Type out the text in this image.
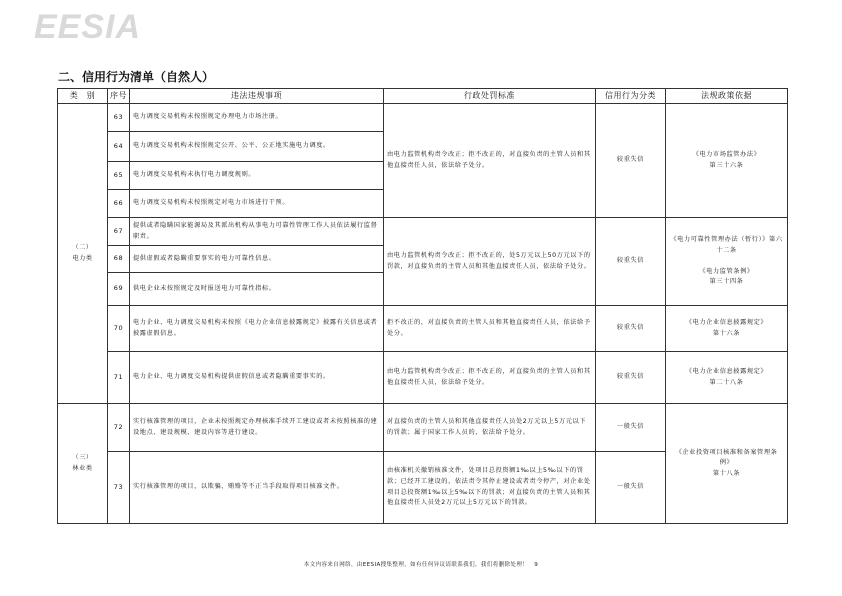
EESIA
二、信用行为清单（自然人）
类　别	序号	违法违规事项	行政处罚标准	信用行为分类	法规政策依据
（二）
电力类	63	电力调度交易机构未按照规定办理电力市场注册。	由电力监管机构责令改正；拒不改正的，对直接负责的主管人员和其他直接责任人员，依法给予处分。	较重失信	《电力市场监管办法》
第三十六条
	64	电力调度交易机构未按照规定公开、公平、公正地实施电力调度。			
	65	电力调度交易机构未执行电力调度规则。			
	66	电力调度交易机构未按照规定对电力市场进行干预。			
	67	提供或者隐瞒国家能源局及其派出机构从事电力可靠性管理工作人员依法履行监督职责。	由电力监管机构责令改正；拒不改正的，处5万元以上50万元以下的罚款，对直接负责的主管人员和其他直接责任人员，依法给予处分。	较重失信	《电力可靠性管理办法（暂行）》第六十二条

《电力监管条例》
第三十四条
	68	提供虚假或者隐瞒重要事实的电力可靠性信息。			
	69	供电企业未按照规定及时报送电力可靠性指标。			
	70	电力企业、电力调度交易机构未按照《电力企业信息披露规定》披露有关信息或者披露虚假信息。	拒不改正的，对直接负责的主管人员和其他直接责任人员，依法给予处分。	较重失信	《电力企业信息披露规定》
第十六条
	71	电力企业、电力调度交易机构提供虚假信息或者隐瞒重要事实的。	由电力监管机构责令改正；拒不改正的，对直接负责的主管人员和其他直接责任人员，依法给予处分。	较重失信	《电力企业信息披露规定》
第二十八条
（三）
林业类	72	实行核准管理的项目，企业未按照规定办理核准手续开工建设或者未按照核准的建设地点、建设规模、建设内容等进行建设。	对直接负责的主管人员和其他直接责任人员处2万元以上5万元以下的罚款；属于国家工作人员的，依法给予处分。	一般失信	《企业投资项目核准和备案管理条例》
第十八条
	73	实行核准管理的项目，以欺骗、贿赂等不正当手段取得项目核准文件。	由核准机关撤销核准文件，处项目总投资额1‰以上5‰以下的罚款；已经开工建设的，依法责令其停止建设或者责令停产，对企业处项目总投资额1‰以上5‰以下的罚款；对直接负责的主管人员和其他直接责任人员处2万元以上5万元以下的罚款。	一般失信	
本文内容来自网络，由EESIA搜集整理，如有任何异议请联系我们，我们将删除处理！ 9
